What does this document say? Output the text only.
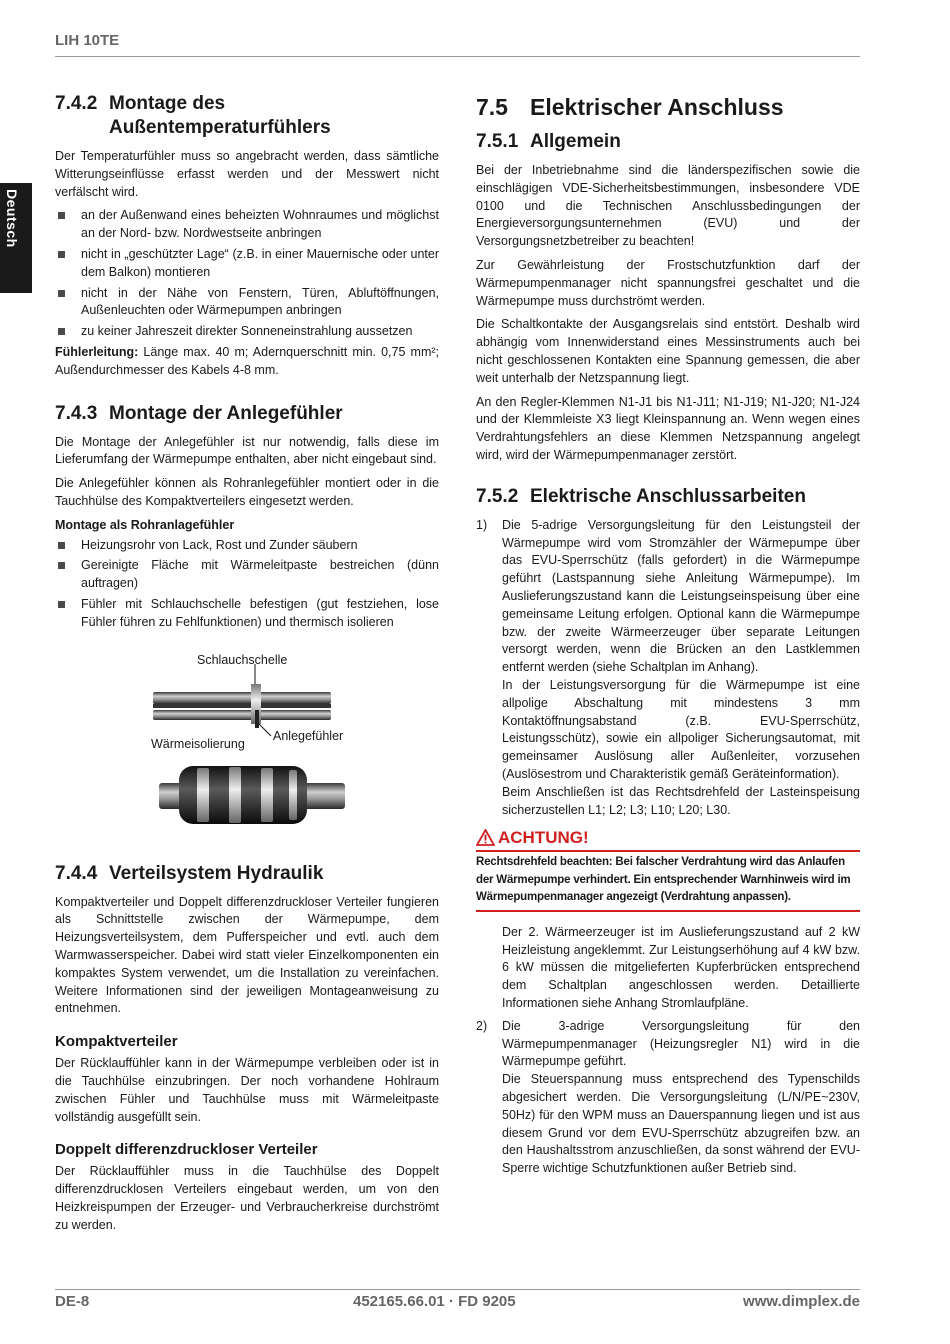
LIH 10TE
Deutsch
7.4.2 Montage des
Außentemperaturfühlers

Der Temperaturfühler muss so angebracht werden, dass sämtliche Witterungseinflüsse erfasst werden und der Messwert nicht verfälscht wird.

an der Außenwand eines beheizten Wohnraumes und möglichst an der Nord- bzw. Nordwestseite anbringen
nicht in „geschützter Lage“ (z.B. in einer Mauernische oder unter dem Balkon) montieren
nicht in der Nähe von Fenstern, Türen, Abluftöffnungen, Außenleuchten oder Wärmepumpen anbringen
zu keiner Jahreszeit direkter Sonneneinstrahlung aussetzen

Fühlerleitung: Länge max. 40 m; Adernquerschnitt min. 0,75 mm²; Außendurchmesser des Kabels 4-8 mm.

7.4.3 Montage der Anlegefühler

Die Montage der Anlegefühler ist nur notwendig, falls diese im Lieferumfang der Wärmepumpe enthalten, aber nicht eingebaut sind.

Die Anlegefühler können als Rohranlegefühler montiert oder in die Tauchhülse des Kompaktverteilers eingesetzt werden.

Montage als Rohranlagefühler
Heizungsrohr von Lack, Rost und Zunder säubern
Gereinigte Fläche mit Wärmeleitpaste bestreichen (dünn auftragen)
Fühler mit Schlauchschelle befestigen (gut festziehen, lose Fühler führen zu Fehlfunktionen) und thermisch isolieren
Schlauchschelle
Anlegefühler
Wärmeisolierung
7.4.4 Verteilsystem Hydraulik

Kompaktverteiler und Doppelt differenzdruckloser Verteiler fungieren als Schnittstelle zwischen der Wärmepumpe, dem Heizungsverteilsystem, dem Pufferspeicher und evtl. auch dem Warmwasserspeicher. Dabei wird statt vieler Einzelkomponenten ein kompaktes System verwendet, um die Installation zu vereinfachen. Weitere Informationen sind der jeweiligen Montageanweisung zu entnehmen.

Kompaktverteiler

Der Rücklauffühler kann in der Wärmepumpe verbleiben oder ist in die Tauchhülse einzubringen. Der noch vorhandene Hohlraum zwischen Fühler und Tauchhülse muss mit Wärmeleitpaste vollständig ausgefüllt sein.

Doppelt differenzdruckloser Verteiler

Der Rücklauffühler muss in die Tauchhülse des Doppelt differenzdrucklosen Verteilers eingebaut werden, um von den Heizkreispumpen der Erzeuger- und Verbraucherkreise durchströmt zu werden.

7.5 Elektrischer Anschluss
7.5.1 Allgemein

Bei der Inbetriebnahme sind die länderspezifischen sowie die einschlägigen VDE-Sicherheitsbestimmungen, insbesondere VDE 0100 und die Technischen Anschlussbedingungen der Energieversorgungsunternehmen (EVU) und der Versorgungsnetzbetreiber zu beachten!

Zur Gewährleistung der Frostschutzfunktion darf der Wärmepumpenmanager nicht spannungsfrei geschaltet und die Wärmepumpe muss durchströmt werden.

Die Schaltkontakte der Ausgangsrelais sind entstört. Deshalb wird abhängig vom Innenwiderstand eines Messinstruments auch bei nicht geschlossenen Kontakten eine Spannung gemessen, die aber weit unterhalb der Netzspannung liegt.

An den Regler-Klemmen N1-J1 bis N1-J11; N1-J19; N1-J20; N1-J24 und der Klemmleiste X3 liegt Kleinspannung an. Wenn wegen eines Verdrahtungsfehlers an diese Klemmen Netzspannung angelegt wird, wird der Wärmepumpenmanager zerstört.

7.5.2 Elektrische Anschlussarbeiten
1) Die 5-adrige Versorgungsleitung für den Leistungsteil der Wärmepumpe wird vom Stromzähler der Wärmepumpe über das EVU-Sperrschütz (falls gefordert) in die Wärmepumpe geführt (Lastspannung siehe Anleitung Wärmepumpe). Im Auslieferungszustand kann die Leistungseinspeisung über eine gemeinsame Leitung erfolgen. Optional kann die Wärmepumpe bzw. der zweite Wärmeerzeuger über separate Leitungen versorgt werden, wenn die Brücken an den Lastklemmen entfernt werden (siehe Schaltplan im Anhang).
In der Leistungsversorgung für die Wärmepumpe ist eine allpolige Abschaltung mit mindestens 3 mm Kontaktöffnungsabstand (z.B. EVU-Sperrschütz, Leistungsschütz), sowie ein allpoliger Sicherungsautomat, mit gemeinsamer Auslösung aller Außenleiter, vorzusehen (Auslösestrom und Charakteristik gemäß Geräteinformation).
Beim Anschließen ist das Rechtsdrehfeld der Lasteinspeisung sicherzustellen L1; L2; L3; L10; L20; L30.
ACHTUNG!
Rechtsdrehfeld beachten: Bei falscher Verdrahtung wird das Anlaufen der Wärmepumpe verhindert. Ein entsprechender Warnhinweis wird im Wärmepumpenmanager angezeigt (Verdrahtung anpassen).

Der 2. Wärmeerzeuger ist im Auslieferungszustand auf 2 kW Heizleistung angeklemmt. Zur Leistungserhöhung auf 4 kW bzw. 6 kW müssen die mitgelieferten Kupferbrücken entsprechend dem Schaltplan angeschlossen werden. Detaillierte Informationen siehe Anhang Stromlaufpläne.

2) Die 3-adrige Versorgungsleitung für den Wärmepumpenmanager (Heizungsregler N1) wird in die Wärmepumpe geführt.
Die Steuerspannung muss entsprechend des Typenschilds abgesichert werden. Die Versorgungsleitung (L/N/PE~230V, 50Hz) für den WPM muss an Dauerspannung liegen und ist aus diesem Grund vor dem EVU-Sperrschütz abzugreifen bzw. an den Haushaltsstrom anzuschließen, da sonst während der EVU-Sperre wichtige Schutzfunktionen außer Betrieb sind.
DE-8	452165.66.01 · FD 9205	www.dimplex.de
